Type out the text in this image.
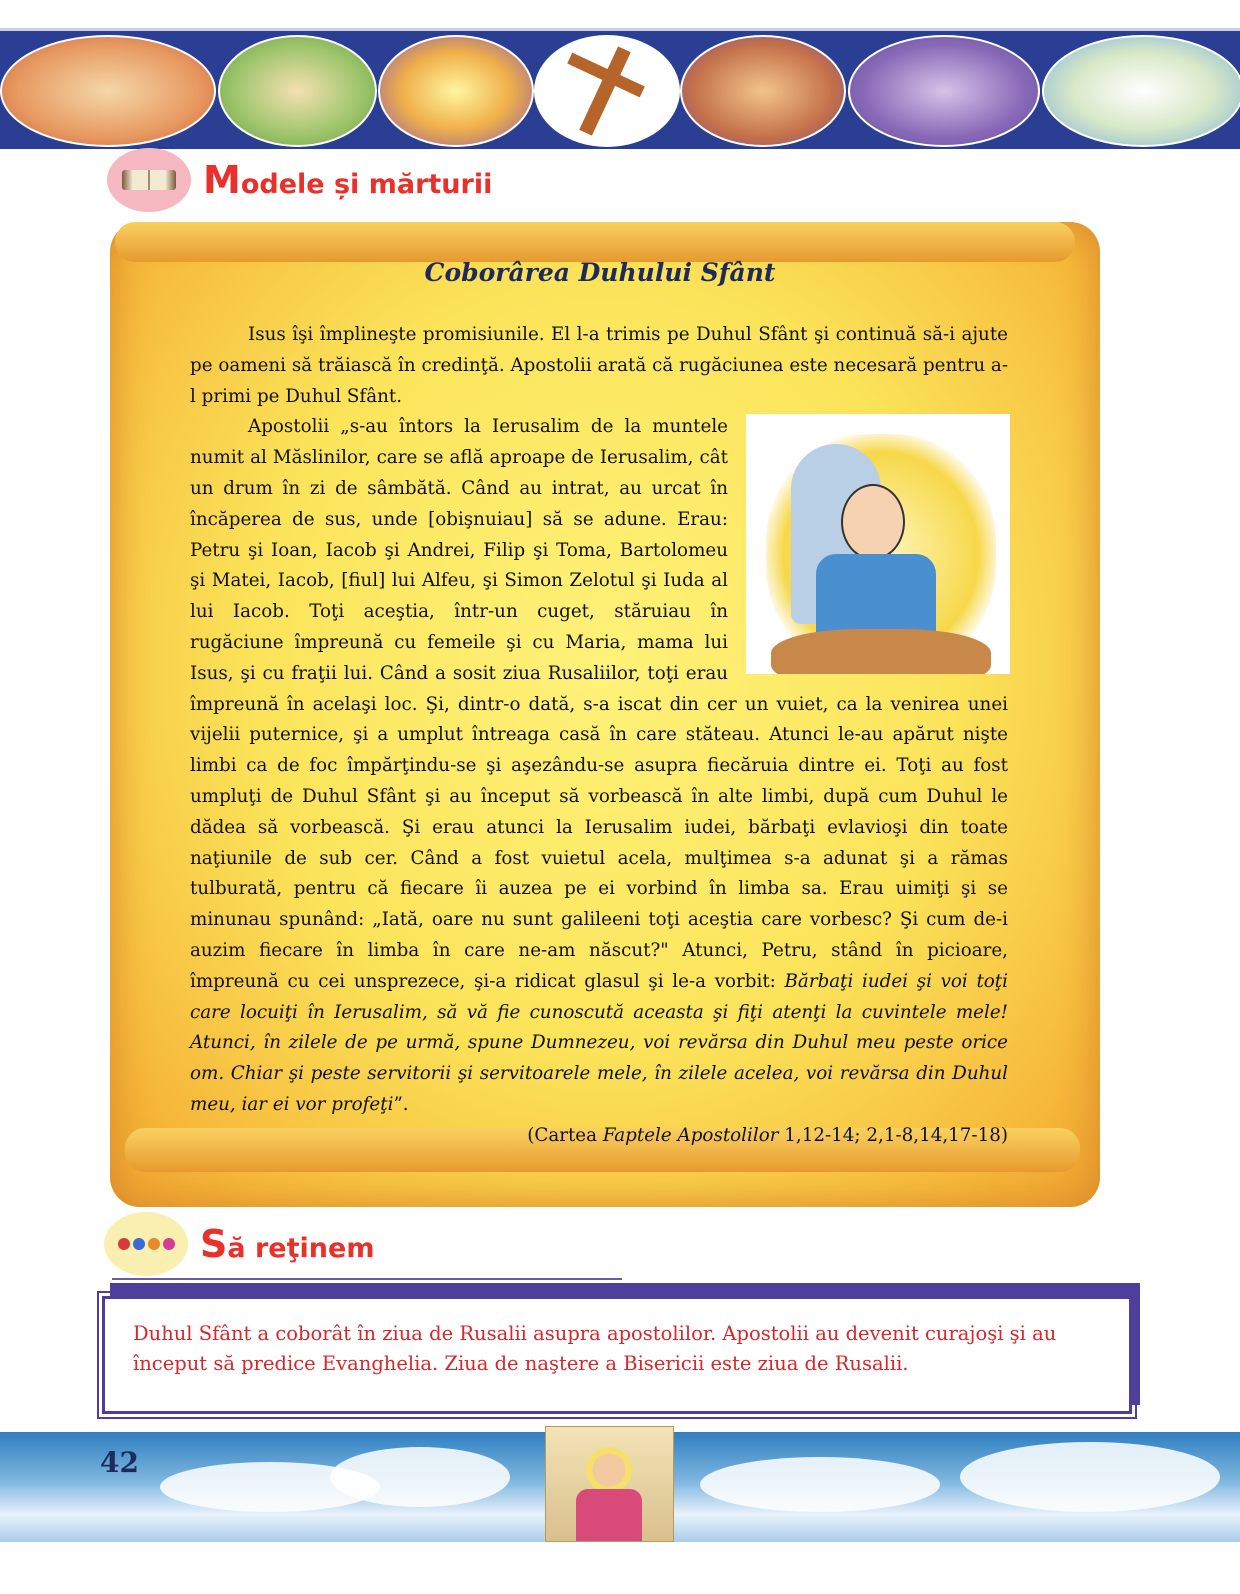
Modele și mărturii
Coborârea Duhului Sfânt

Isus îşi împlineşte promisiunile. El l-a trimis pe Duhul Sfânt şi continuă să-i ajute pe oameni să trăiască în credinţă. Apostolii arată că rugăciunea este necesară pentru a-l primi pe Duhul Sfânt.

Apostolii „s-au întors la Ierusalim de la muntele numit al Măslinilor, care se află aproape de Ierusalim, cât un drum în zi de sâmbătă. Când au intrat, au urcat în încăperea de sus, unde [obişnuiau] să se adune. Erau: Petru şi Ioan, Iacob şi Andrei, Filip şi Toma, Bartolomeu şi Matei, Iacob, [fiul] lui Alfeu, şi Simon Zelotul şi Iuda al lui Iacob. Toţi aceştia, într-un cuget, stăruiau în rugăciune împreună cu femeile şi cu Maria, mama lui Isus, şi cu fraţii lui. Când a sosit ziua Rusaliilor, toţi erau împreună în acelaşi loc. Şi, dintr-o dată, s-a iscat din cer un vuiet, ca la venirea unei vijelii puternice, şi a umplut întreaga casă în care stăteau. Atunci le-au apărut nişte limbi ca de foc împărţindu-se şi aşezându-se asupra fiecăruia dintre ei. Toţi au fost umpluţi de Duhul Sfânt şi au început să vorbească în alte limbi, după cum Duhul le dădea să vorbească. Şi erau atunci la Ierusalim iudei, bărbaţi evlavioşi din toate naţiunile de sub cer. Când a fost vuietul acela, mulţimea s-a adunat şi a rămas tulburată, pentru că fiecare îi auzea pe ei vorbind în limba sa. Erau uimiţi şi se minunau spunând: „Iată, oare nu sunt galileeni toţi aceştia care vorbesc? Şi cum de-i auzim fiecare în limba în care ne-am născut?" Atunci, Petru, stând în picioare, împreună cu cei unsprezece, şi-a ridicat glasul şi le-a vorbit: Bărbaţi iudei şi voi toţi care locuiţi în Ierusalim, să vă fie cunoscută aceasta şi fiţi atenţi la cuvintele mele! Atunci, în zilele de pe urmă, spune Dumnezeu, voi revărsa din Duhul meu peste orice om. Chiar şi peste servitorii şi servitoarele mele, în zilele acelea, voi revărsa din Duhul meu, iar ei vor profeţi”.

(Cartea Faptele Apostolilor 1,12-14; 2,1-8,14,17-18)
Să reţinem
Duhul Sfânt a coborât în ziua de Rusalii asupra apostolilor. Apostolii au devenit curajoşi şi au început să predice Evanghelia. Ziua de naştere a Bisericii este ziua de Rusalii.
42
